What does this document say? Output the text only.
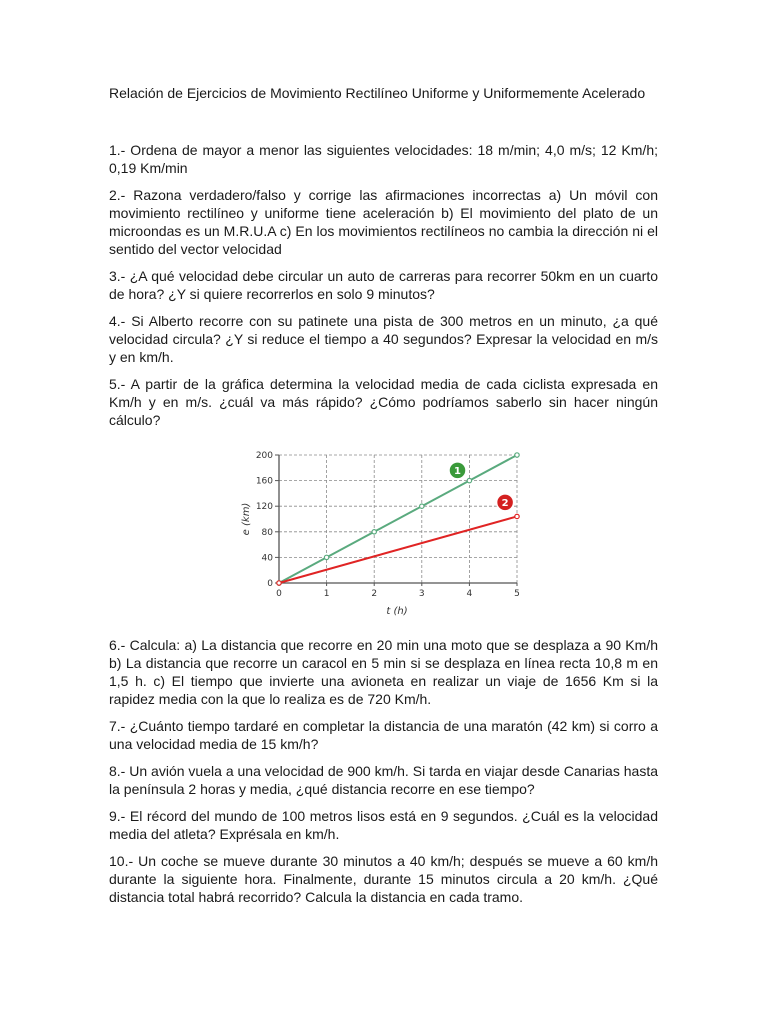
Relación de Ejercicios de Movimiento Rectilíneo Uniforme y Uniformemente Acelerado
1.- Ordena de mayor a menor las siguientes velocidades: 18 m/min; 4,0 m/s; 12 Km/h; 0,19 Km/min
2.- Razona verdadero/falso y corrige las afirmaciones incorrectas a) Un móvil con movimiento rectilíneo y uniforme tiene aceleración b) El movimiento del plato de un microondas es un M.R.U.A c) En los movimientos rectilíneos no cambia la dirección ni el sentido del vector velocidad
3.- ¿A qué velocidad debe circular un auto de carreras para recorrer 50km en un cuarto de hora? ¿Y si quiere recorrerlos en solo 9 minutos?
4.- Si Alberto recorre con su patinete una pista de 300 metros en un minuto, ¿a qué velocidad circula? ¿Y si reduce el tiempo a 40 segundos? Expresar la velocidad en m/s y en km/h.
5.- A partir de la gráfica determina la velocidad media de cada ciclista expresada en Km/h y en m/s. ¿cuál va más rápido? ¿Cómo podríamos saberlo sin hacer ningún cálculo?
0	1	2	3	4	5
0
40
80
120
160
200
1
2
t (h)
e (km)
6.- Calcula: a) La distancia que recorre en 20 min una moto que se desplaza a 90 Km/h b) La distancia que recorre un caracol en 5 min si se desplaza en línea recta 10,8 m en 1,5 h. c) El tiempo que invierte una avioneta en realizar un viaje de 1656 Km si la rapidez media con la que lo realiza es de 720 Km/h.
7.- ¿Cuánto tiempo tardaré en completar la distancia de una maratón (42 km) si corro a una velocidad media de 15 km/h?
8.- Un avión vuela a una velocidad de 900 km/h. Si tarda en viajar desde Canarias hasta la península 2 horas y media, ¿qué distancia recorre en ese tiempo?
9.- El récord del mundo de 100 metros lisos está en 9 segundos. ¿Cuál es la velocidad media del atleta? Exprésala en km/h.
10.- Un coche se mueve durante 30 minutos a 40 km/h; después se mueve a 60 km/h durante la siguiente hora. Finalmente, durante 15 minutos circula a 20 km/h. ¿Qué distancia total habrá recorrido? Calcula la distancia en cada tramo.
